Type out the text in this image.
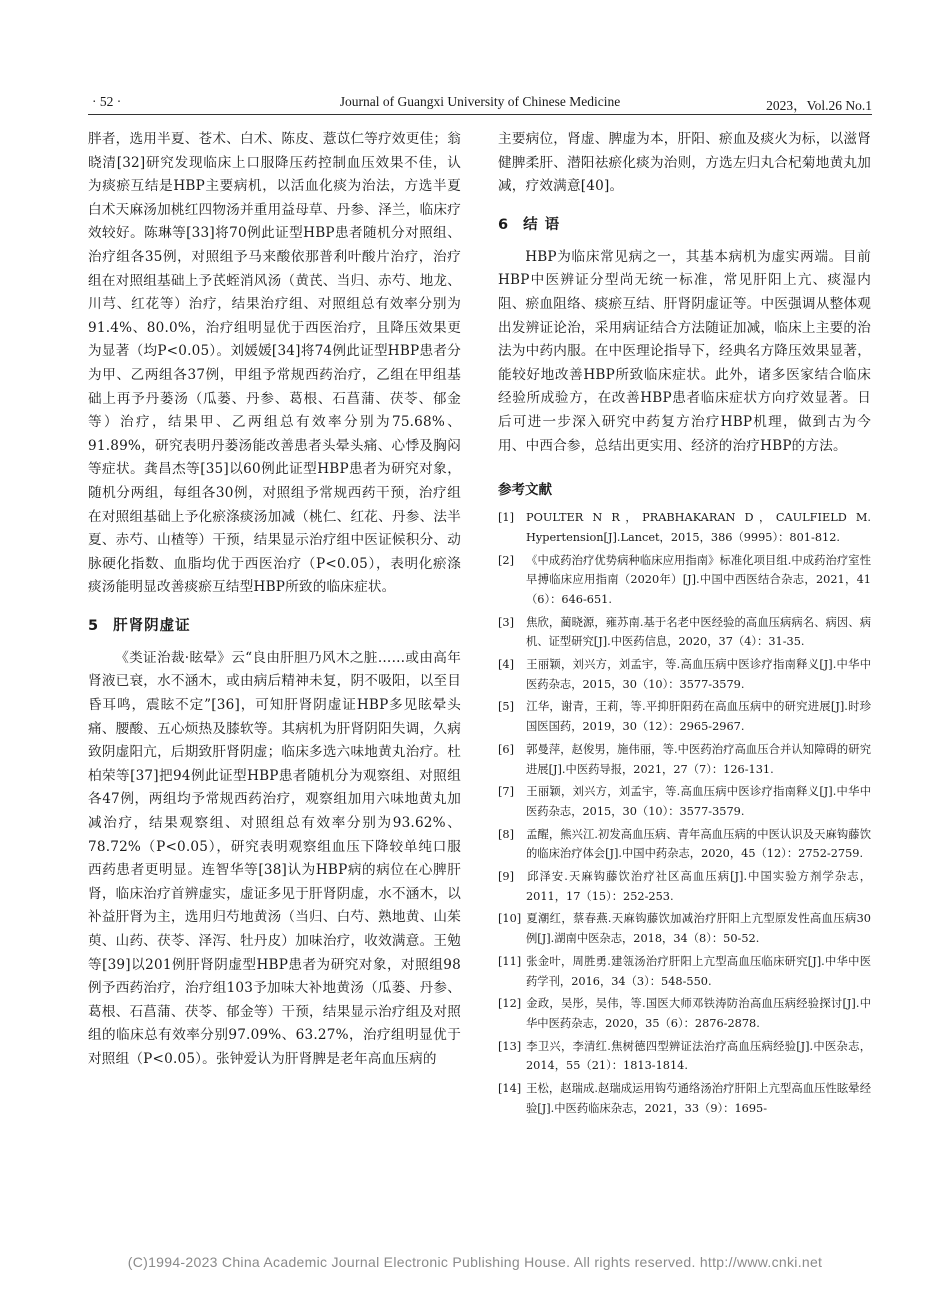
· 52 ·	Journal of Guangxi University of Chinese Medicine	2023，Vol.26 No.1

胖者，选用半夏、苍术、白术、陈皮、薏苡仁等疗效更佳；翁晓清[32]研究发现临床上口服降压药控制血压效果不佳，认为痰瘀互结是HBP主要病机，以活血化痰为治法，方选半夏白术天麻汤加桃红四物汤并重用益母草、丹参、泽兰，临床疗效较好。陈琳等[33]将70例此证型HBP患者随机分对照组、治疗组各35例，对照组予马来酸依那普利叶酸片治疗，治疗组在对照组基础上予芪蛭消风汤（黄芪、当归、赤芍、地龙、川芎、红花等）治疗，结果治疗组、对照组总有效率分别为91.4%、80.0%，治疗组明显优于西医治疗，且降压效果更为显著（均P<0.05）。刘媛媛[34]将74例此证型HBP患者分为甲、乙两组各37例，甲组予常规西药治疗，乙组在甲组基础上再予丹蒌汤（瓜蒌、丹参、葛根、石菖蒲、茯苓、郁金等）治疗，结果甲、乙两组总有效率分别为75.68%、91.89%，研究表明丹蒌汤能改善患者头晕头痛、心悸及胸闷等症状。龚昌杰等[35]以60例此证型HBP患者为研究对象，随机分两组，每组各30例，对照组予常规西药干预，治疗组在对照组基础上予化瘀涤痰汤加减（桃仁、红花、丹参、法半夏、赤芍、山楂等）干预，结果显示治疗组中医证候积分、动脉硬化指数、血脂均优于西医治疗（P<0.05），表明化瘀涤痰汤能明显改善痰瘀互结型HBP所致的临床症状。

5 肝肾阴虚证

《类证治裁·眩晕》云“良由肝胆乃风木之脏……或由高年肾液已衰，水不涵木，或由病后精神未复，阴不吸阳，以至目昏耳鸣，震眩不定”[36]，可知肝肾阴虚证HBP多见眩晕头痛、腰酸、五心烦热及膝软等。其病机为肝肾阴阳失调，久病致阴虚阳亢，后期致肝肾阴虚；临床多选六味地黄丸治疗。杜柏荣等[37]把94例此证型HBP患者随机分为观察组、对照组各47例，两组均予常规西药治疗，观察组加用六味地黄丸加减治疗，结果观察组、对照组总有效率分别为93.62%、78.72%（P<0.05），研究表明观察组血压下降较单纯口服西药患者更明显。连智华等[38]认为HBP病的病位在心脾肝肾，临床治疗首辨虚实，虚证多见于肝肾阴虚，水不涵木，以补益肝肾为主，选用归芍地黄汤（当归、白芍、熟地黄、山茱萸、山药、茯苓、泽泻、牡丹皮）加味治疗，收效满意。王勉等[39]以201例肝肾阴虚型HBP患者为研究对象，对照组98例予西药治疗，治疗组103予加味大补地黄汤（瓜蒌、丹参、葛根、石菖蒲、茯苓、郁金等）干预，结果显示治疗组及对照组的临床总有效率分别97.09%、63.27%，治疗组明显优于对照组（P<0.05）。张钟爱认为肝肾脾是老年高血压病的

主要病位，肾虚、脾虚为本，肝阳、瘀血及痰火为标，以滋肾健脾柔肝、潜阳祛瘀化痰为治则，方选左归丸合杞菊地黄丸加减，疗效满意[40]。

6 结 语

HBP为临床常见病之一，其基本病机为虚实两端。目前HBP中医辨证分型尚无统一标准，常见肝阳上亢、痰湿内阻、瘀血阻络、痰瘀互结、肝肾阴虚证等。中医强调从整体观出发辨证论治，采用病证结合方法随证加减，临床上主要的治法为中药内服。在中医理论指导下，经典名方降压效果显著，能较好地改善HBP所致临床症状。此外，诸多医家结合临床经验所成验方，在改善HBP患者临床症状方向疗效显著。日后可进一步深入研究中药复方治疗HBP机理，做到古为今用、中西合参，总结出更实用、经济的治疗HBP的方法。

参考文献
[1] POULTER N R，PRABHAKARAN D，CAULFIELD M. Hypertension[J].Lancet，2015，386（9995）：801-812.
[2] 《中成药治疗优势病种临床应用指南》标准化项目组.中成药治疗室性早搏临床应用指南（2020年）[J].中国中西医结合杂志，2021，41（6）：646-651.
[3] 焦欣，蔺晓源，雍苏南.基于名老中医经验的高血压病病名、病因、病机、证型研究[J].中医药信息，2020，37（4）：31-35.
[4] 王丽颖，刘兴方，刘孟宇，等.高血压病中医诊疗指南释义[J].中华中医药杂志，2015，30（10）：3577-3579.
[5] 江华，谢青，王莉，等.平抑肝阳药在高血压病中的研究进展[J].时珍国医国药，2019，30（12）：2965-2967.
[6] 郭曼萍，赵俊男，施伟丽，等.中医药治疗高血压合并认知障碍的研究进展[J].中医药导报，2021，27（7）：126-131.
[7] 王丽颖，刘兴方，刘孟宇，等.高血压病中医诊疗指南释义[J].中华中医药杂志，2015，30（10）：3577-3579.
[8] 孟醒，熊兴江.初发高血压病、青年高血压病的中医认识及天麻钩藤饮的临床治疗体会[J].中国中药杂志，2020，45（12）：2752-2759.
[9] 邱泽安.天麻钩藤饮治疗社区高血压病[J].中国实验方剂学杂志，2011，17（15）：252-253.
[10] 夏潮红，蔡春燕.天麻钩藤饮加减治疗肝阳上亢型原发性高血压病30例[J].湖南中医杂志，2018，34（8）：50-52.
[11] 张金叶，周胜勇.建瓴汤治疗肝阳上亢型高血压临床研究[J].中华中医药学刊，2016，34（3）：548-550.
[12] 金政，吴彤，吴伟，等.国医大师邓铁涛防治高血压病经验探讨[J].中华中医药杂志，2020，35（6）：2876-2878.
[13] 李卫兴，李清红.焦树德四型辨证法治疗高血压病经验[J].中医杂志，2014，55（21）：1813-1814.
[14] 王松，赵瑞成.赵瑞成运用钩芍通络汤治疗肝阳上亢型高血压性眩晕经验[J].中医药临床杂志，2021，33（9）：1695-
(C)1994-2023 China Academic Journal Electronic Publishing House. All rights reserved. http://www.cnki.net
